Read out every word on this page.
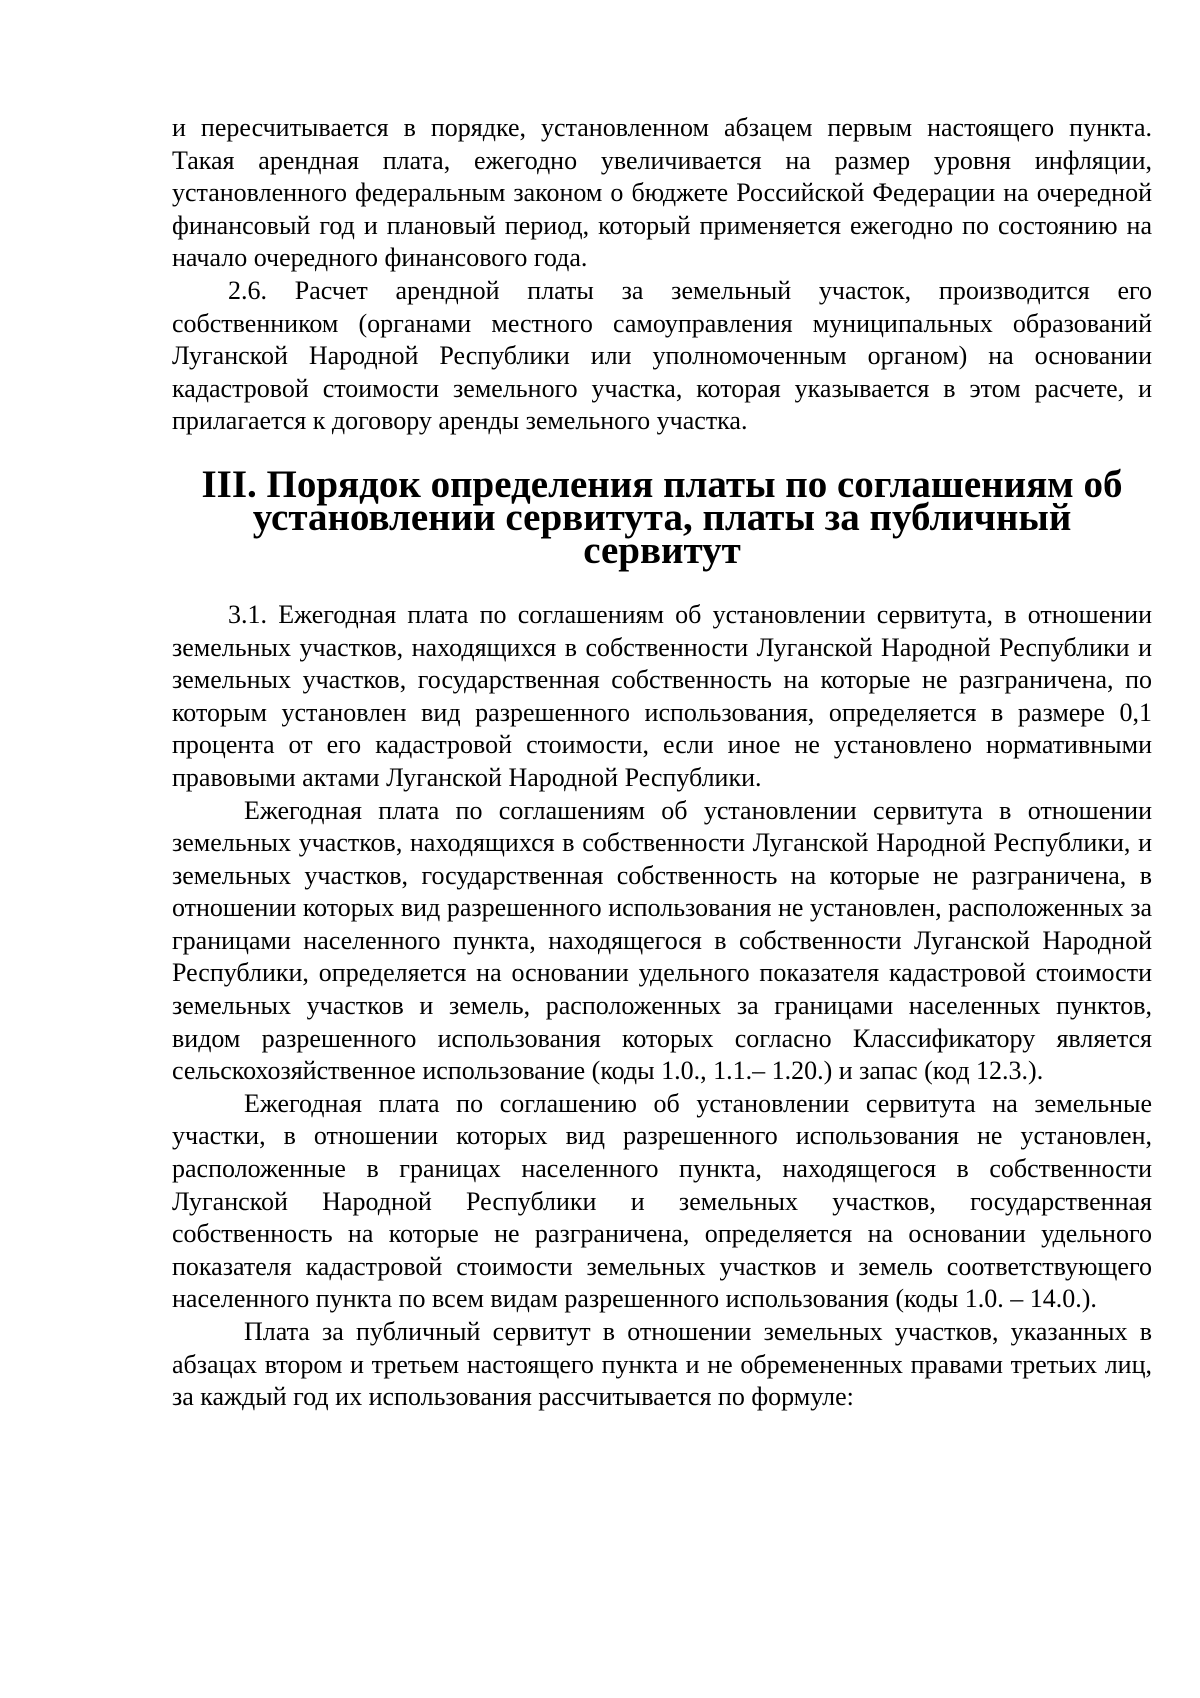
и пересчитывается в порядке, установленном абзацем первым настоящего пункта. Такая арендная плата, ежегодно увеличивается на размер уровня инфляции, установленного федеральным законом о бюджете Российской Федерации на очередной финансовый год и плановый период, который применяется ежегодно по состоянию на начало очередного финансового года.

2.6. Расчет арендной платы за земельный участок, производится его собственником (органами местного самоуправления муниципальных образований Луганской Народной Республики или уполномоченным органом) на основании кадастровой стоимости земельного участка, которая указывается в этом расчете, и прилагается к договору аренды земельного участка.

III. Порядок определения платы по соглашениям об установлении сервитута, платы за публичный сервитут

3.1. Ежегодная плата по соглашениям об установлении сервитута, в отношении земельных участков, находящихся в собственности Луганской Народной Республики и земельных участков, государственная собственность на которые не разграничена, по которым установлен вид разрешенного использования, определяется в размере 0,1 процента от его кадастровой стоимости, если иное не установлено нормативными правовыми актами Луганской Народной Республики.

Ежегодная плата по соглашениям об установлении сервитута в отношении земельных участков, находящихся в собственности Луганской Народной Республики, и земельных участков, государственная собственность на которые не разграничена, в отношении которых вид разрешенного использования не установлен, расположенных за границами населенного пункта, находящегося в собственности Луганской Народной Республики, определяется на основании удельного показателя кадастровой стоимости земельных участков и земель, расположенных за границами населенных пунктов, видом разрешенного использования которых согласно Классификатору является сельскохозяйственное использование (коды 1.0., 1.1.– 1.20.) и запас (код 12.3.).

Ежегодная плата по соглашению об установлении сервитута на земельные участки, в отношении которых вид разрешенного использования не установлен, расположенные в границах населенного пункта, находящегося в собственности Луганской Народной Республики и земельных участков, государственная собственность на которые не разграничена, определяется на основании удельного показателя кадастровой стоимости земельных участков и земель соответствующего населенного пункта по всем видам разрешенного использования (коды 1.0. – 14.0.).

Плата за публичный сервитут в отношении земельных участков, указанных в абзацах втором и третьем настоящего пункта и не обремененных правами третьих лиц, за каждый год их использования рассчитывается по формуле:
